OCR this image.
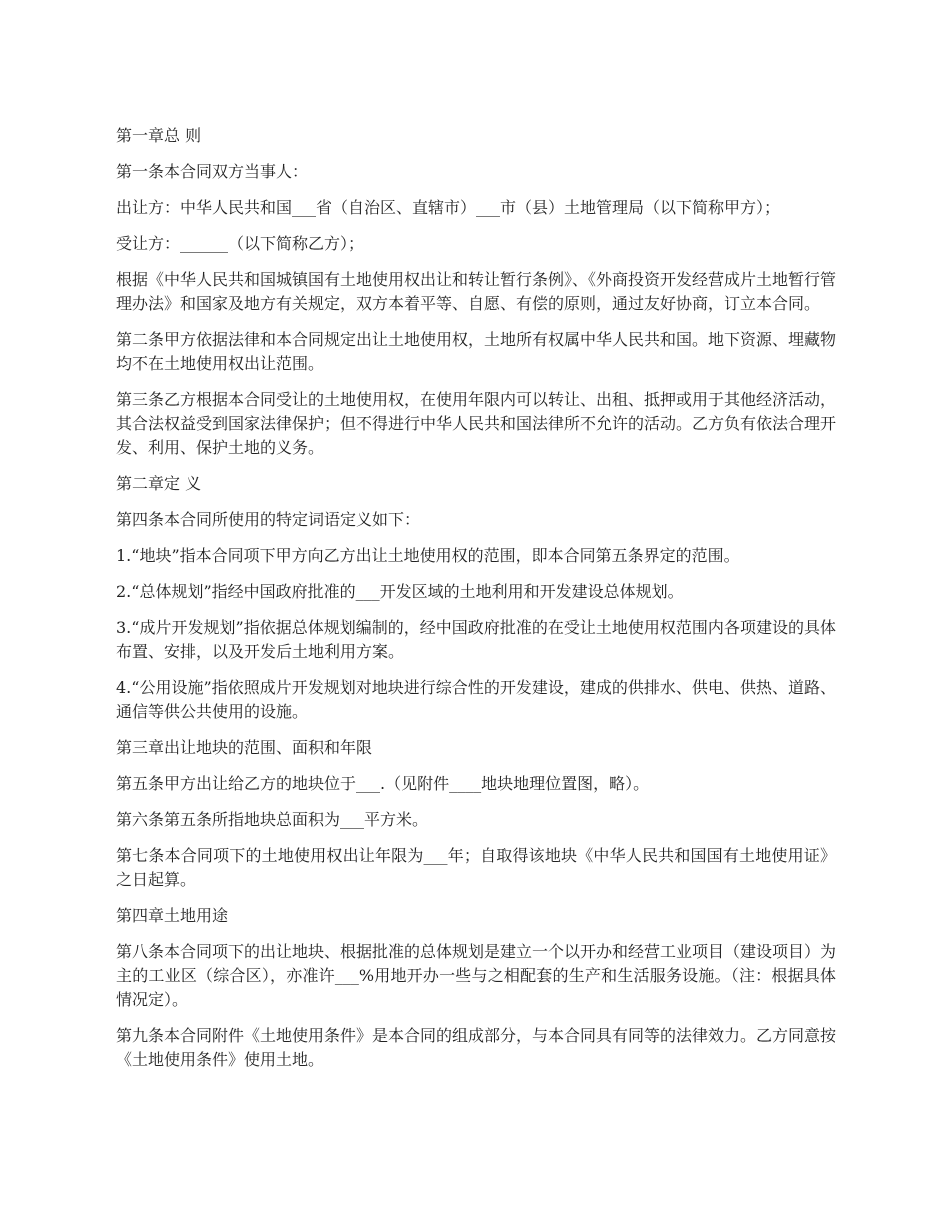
第一章总 则

第一条本合同双方当事人：

出让方：中华人民共和国___省（自治区、直辖市）___市（县）土地管理局（以下简称甲方）；

受让方：______（以下简称乙方）；

根据《中华人民共和国城镇国有土地使用权出让和转让暂行条例》、《外商投资开发经营成片土地暂行管理办法》和国家及地方有关规定，双方本着平等、自愿、有偿的原则，通过友好协商，订立本合同。

第二条甲方依据法律和本合同规定出让土地使用权，土地所有权属中华人民共和国。地下资源、埋藏物均不在土地使用权出让范围。

第三条乙方根据本合同受让的土地使用权，在使用年限内可以转让、出租、抵押或用于其他经济活动，其合法权益受到国家法律保护；但不得进行中华人民共和国法律所不允许的活动。乙方负有依法合理开发、利用、保护土地的义务。

第二章定 义

第四条本合同所使用的特定词语定义如下：

1.“地块”指本合同项下甲方向乙方出让土地使用权的范围，即本合同第五条界定的范围。

2.“总体规划”指经中国政府批准的___开发区域的土地利用和开发建设总体规划。

3.“成片开发规划”指依据总体规划编制的，经中国政府批准的在受让土地使用权范围内各项建设的具体布置、安排，以及开发后土地利用方案。

4.“公用设施”指依照成片开发规划对地块进行综合性的开发建设，建成的供排水、供电、供热、道路、通信等供公共使用的设施。

第三章出让地块的范围、面积和年限

第五条甲方出让给乙方的地块位于___.（见附件____地块地理位置图，略）。

第六条第五条所指地块总面积为___平方米。

第七条本合同项下的土地使用权出让年限为___年；自取得该地块《中华人民共和国国有土地使用证》之日起算。

第四章土地用途

第八条本合同项下的出让地块、根据批准的总体规划是建立一个以开办和经营工业项目（建设项目）为主的工业区（综合区），亦准许___%用地开办一些与之相配套的生产和生活服务设施。（注：根据具体情况定）。

第九条本合同附件《土地使用条件》是本合同的组成部分，与本合同具有同等的法律效力。乙方同意按《土地使用条件》使用土地。
